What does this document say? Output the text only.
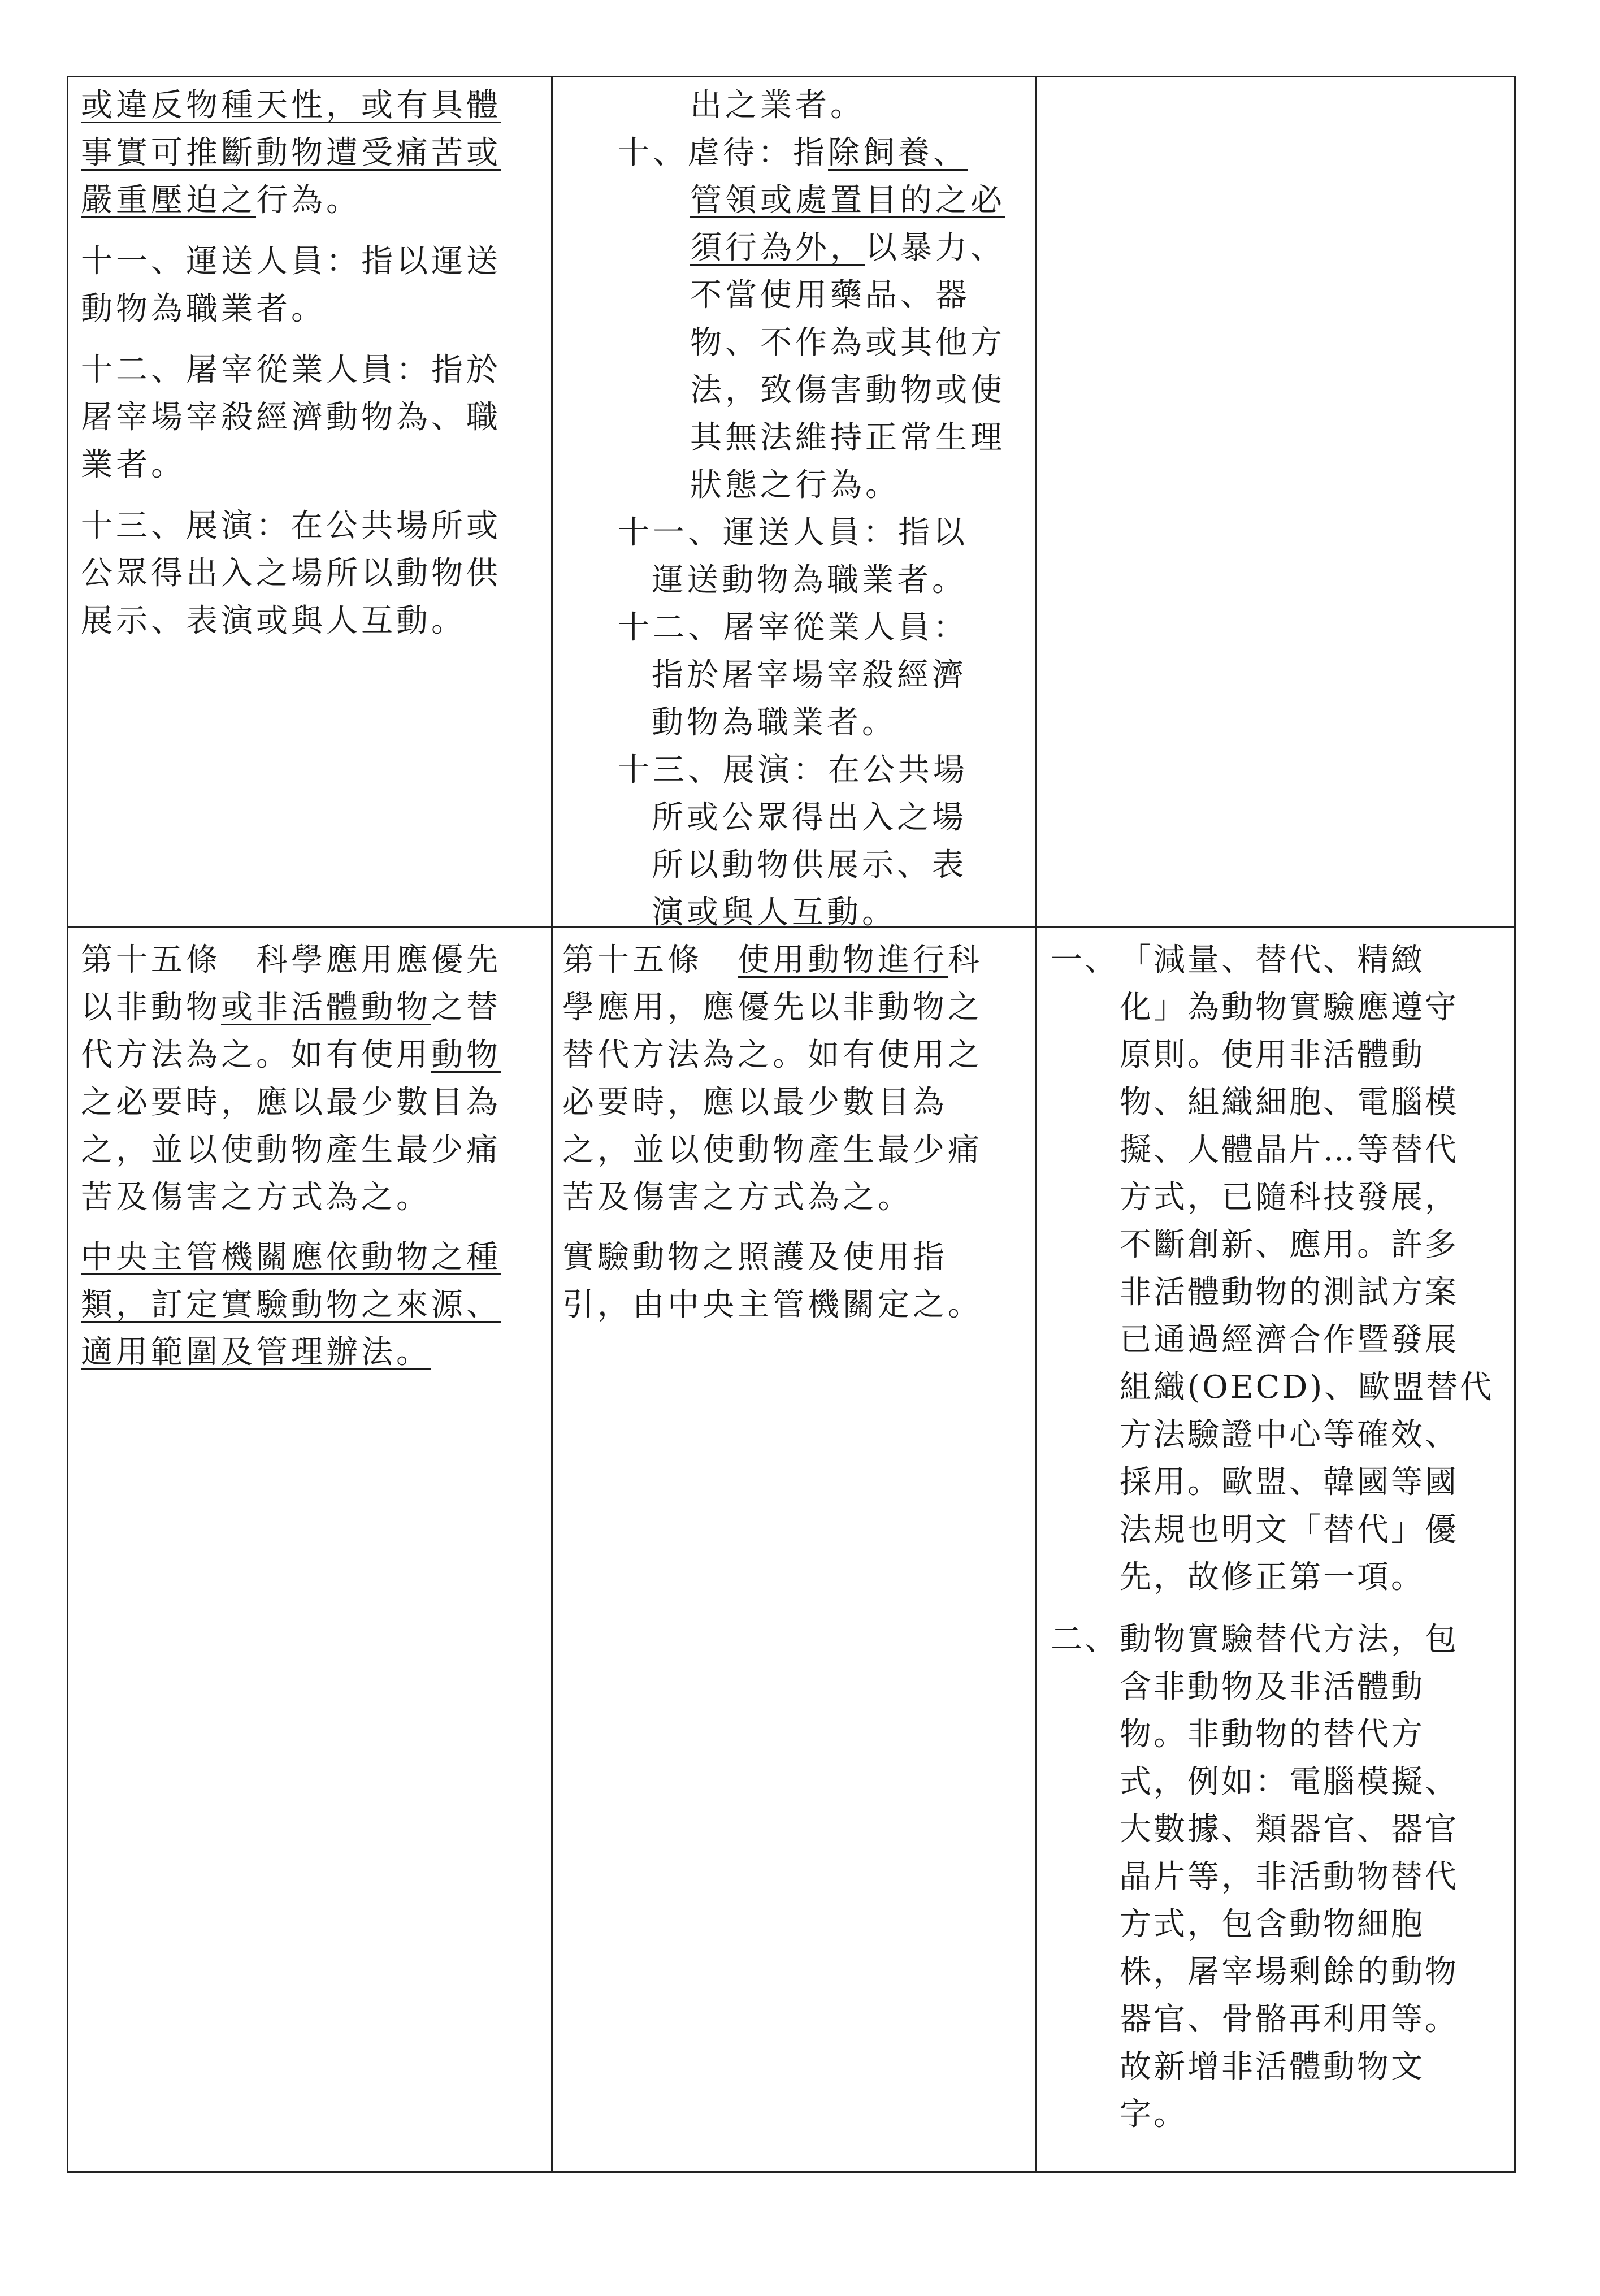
或違反物種天性，或有具體
事實可推斷動物遭受痛苦或
嚴重壓迫之行為。
十一、運送人員：指以運送
動物為職業者。
十二、屠宰從業人員：指於
屠宰場宰殺經濟動物為、職
業者。
十三、展演：在公共場所或
公眾得出入之場所以動物供
展示、表演或與人互動。
出之業者。
十、虐待：指除飼養、
管領或處置目的之必
須行為外，以暴力、
不當使用藥品、器
物、不作為或其他方
法，致傷害動物或使
其無法維持正常生理
狀態之行為。
十一、運送人員：指以
運送動物為職業者。
十二、屠宰從業人員：
指於屠宰場宰殺經濟
動物為職業者。
十三、展演：在公共場
所或公眾得出入之場
所以動物供展示、表
演或與人互動。
第十五條　科學應用應優先
以非動物或非活體動物之替
代方法為之。如有使用動物
之必要時，應以最少數目為
之，並以使動物產生最少痛
苦及傷害之方式為之。
中央主管機關應依動物之種
類，訂定實驗動物之來源、
適用範圍及管理辦法。
第十五條　使用動物進行科
學應用，應優先以非動物之
替代方法為之。如有使用之
必要時，應以最少數目為
之，並以使動物產生最少痛
苦及傷害之方式為之。
實驗動物之照護及使用指
引，由中央主管機關定之。
一、 「減量、替代、精緻
化」為動物實驗應遵守
原則。使用非活體動
物、組織細胞、電腦模
擬、人體晶片…等替代
方式，已隨科技發展，
不斷創新、應用。許多
非活體動物的測試方案
已通過經濟合作暨發展
組織(OECD)、歐盟替代
方法驗證中心等確效、
採用。歐盟、韓國等國
法規也明文「替代」優
先，故修正第一項。
二、 動物實驗替代方法，包
含非動物及非活體動
物。非動物的替代方
式，例如：電腦模擬、
大數據、類器官、器官
晶片等，非活動物替代
方式，包含動物細胞
株，屠宰場剩餘的動物
器官、骨骼再利用等。
故新增非活體動物文
字。
